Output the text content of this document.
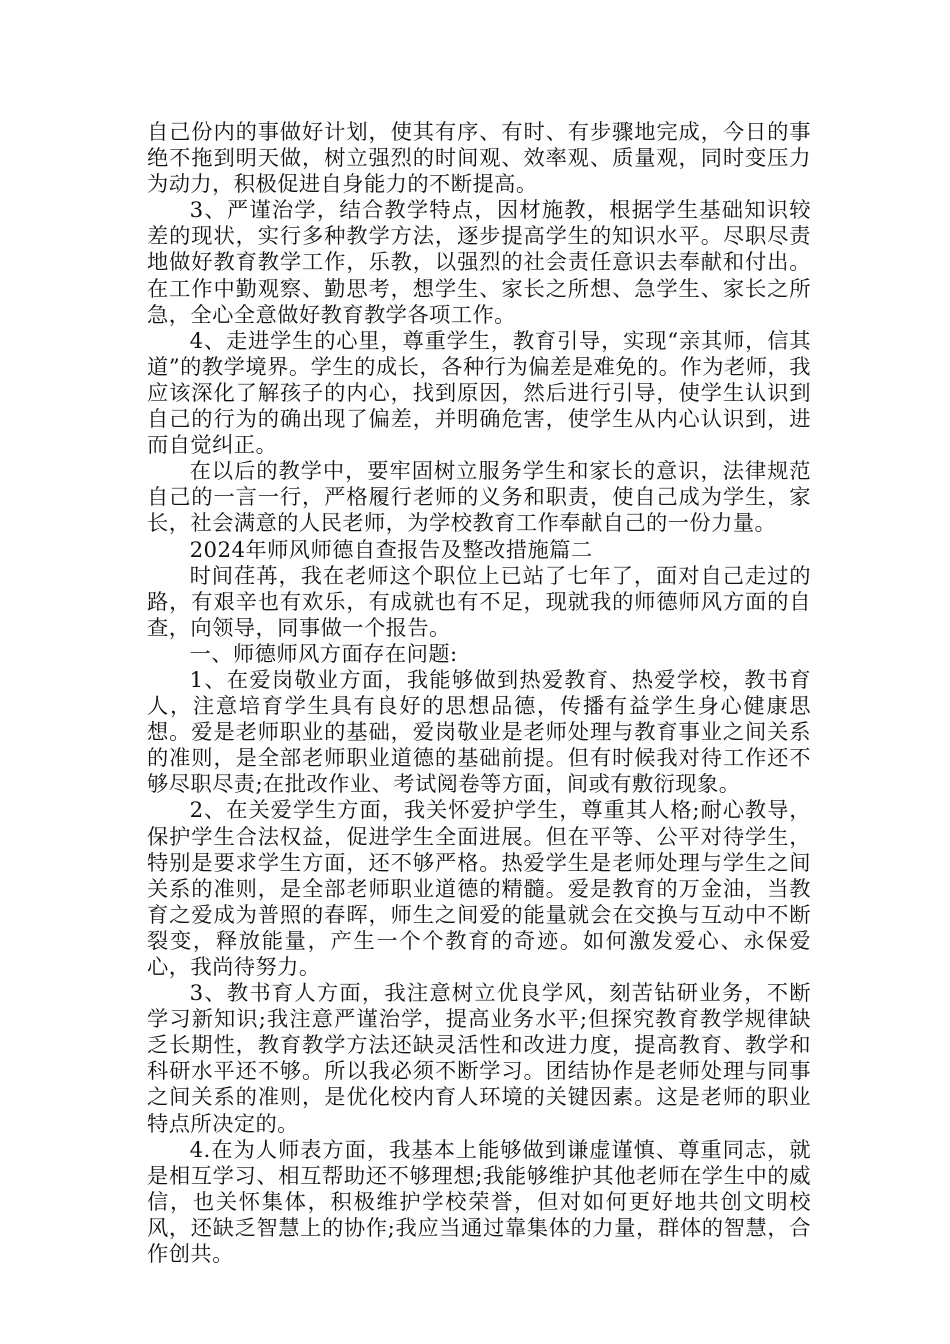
自己份内的事做好计划，使其有序、有时、有步骤地完成，今日的事绝不拖到明天做，树立强烈的时间观、效率观、质量观，同时变压力为动力，积极促进自身能力的不断提高。

3、严谨治学，结合教学特点，因材施教，根据学生基础知识较差的现状，实行多种教学方法，逐步提高学生的知识水平。尽职尽责地做好教育教学工作，乐教，以强烈的社会责任意识去奉献和付出。在工作中勤观察、勤思考，想学生、家长之所想、急学生、家长之所急，全心全意做好教育教学各项工作。

4、走进学生的心里，尊重学生，教育引导，实现“亲其师，信其道”的教学境界。学生的成长，各种行为偏差是难免的。作为老师，我应该深化了解孩子的内心，找到原因，然后进行引导，使学生认识到自己的行为的确出现了偏差，并明确危害，使学生从内心认识到，进而自觉纠正。

在以后的教学中，要牢固树立服务学生和家长的意识，法律规范自己的一言一行，严格履行老师的义务和职责，使自己成为学生，家长，社会满意的人民老师，为学校教育工作奉献自己的一份力量。

2024年师风师德自查报告及整改措施篇二

时间荏苒，我在老师这个职位上已站了七年了，面对自己走过的路，有艰辛也有欢乐，有成就也有不足，现就我的师德师风方面的自查，向领导，同事做一个报告。

一、师德师风方面存在问题:

1、在爱岗敬业方面，我能够做到热爱教育、热爱学校，教书育人，注意培育学生具有良好的思想品德，传播有益学生身心健康思想。爱是老师职业的基础，爱岗敬业是老师处理与教育事业之间关系的准则，是全部老师职业道德的基础前提。但有时候我对待工作还不够尽职尽责;在批改作业、考试阅卷等方面，间或有敷衍现象。

2、在关爱学生方面，我关怀爱护学生，尊重其人格;耐心教导，保护学生合法权益，促进学生全面进展。但在平等、公平对待学生，特别是要求学生方面，还不够严格。热爱学生是老师处理与学生之间关系的准则，是全部老师职业道德的精髓。爱是教育的万金油，当教育之爱成为普照的春晖，师生之间爱的能量就会在交换与互动中不断裂变，释放能量，产生一个个教育的奇迹。如何激发爱心、永保爱心，我尚待努力。

3、教书育人方面，我注意树立优良学风，刻苦钻研业务，不断学习新知识;我注意严谨治学，提高业务水平;但探究教育教学规律缺乏长期性，教育教学方法还缺灵活性和改进力度，提高教育、教学和科研水平还不够。所以我必须不断学习。团结协作是老师处理与同事之间关系的准则，是优化校内育人环境的关键因素。这是老师的职业特点所决定的。

4.在为人师表方面，我基本上能够做到谦虚谨慎、尊重同志，就是相互学习、相互帮助还不够理想;我能够维护其他老师在学生中的威信，也关怀集体，积极维护学校荣誉，但对如何更好地共创文明校风，还缺乏智慧上的协作;我应当通过靠集体的力量，群体的智慧，合作创共。
